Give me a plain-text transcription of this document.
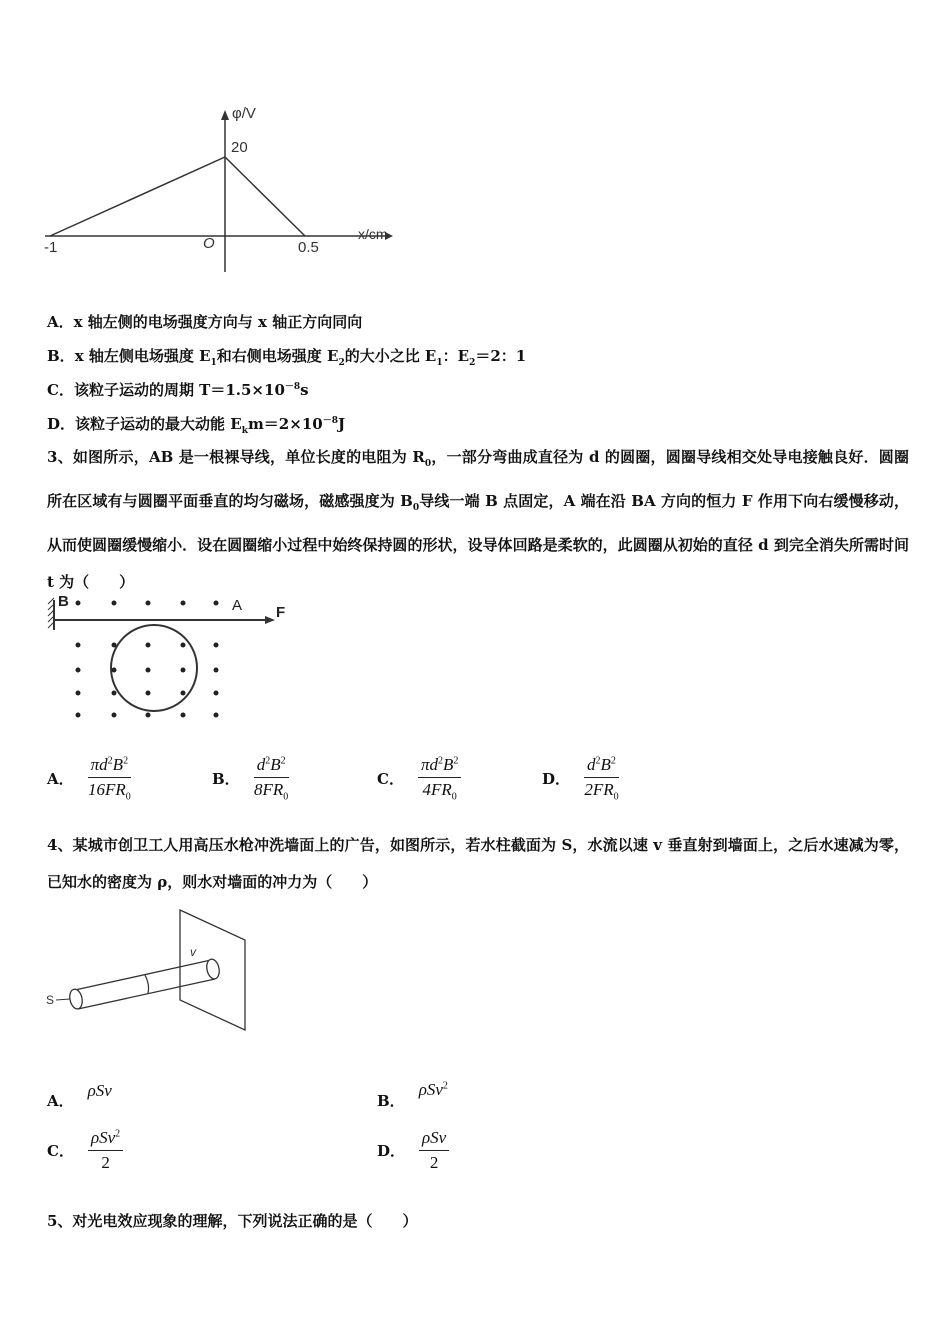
φ/V
20
x/cm
-1	O	0.5
A．x 轴左侧的电场强度方向与 x 轴正方向同向
B．x 轴左侧电场强度 $E_1$和右侧电场强度 $E_2$的大小之比 $E_1$：$E_2=2$：1
C．该粒子运动的周期 $T=1.5\times 10^{-8}s$
D．该粒子运动的最大动能 $E_km=2\times 10^{-8}J$
3、如图所示，AB 是一根裸导线，单位长度的电阻为 $R_0$，一部分弯曲成直径为 d 的圆圈，圆圈导线相交处导电接触良好．圆圈所在区域有与圆圈平面垂直的均匀磁场，磁感强度为 $B_0$导线一端 B 点固定，A 端在沿 BA 方向的恒力 F 作用下向右缓慢移动，从而使圆圈缓慢缩小．设在圆圈缩小过程中始终保持圆的形状，设导体回路是柔软的，此圆圈从初始的直径 d 到完全消失所需时间 t 为（　　）
B	A F
A． $\frac{\pi d^2B^2}{16FR_0}$	B． $\frac{d^2B^2}{8FR_0}$	C． $\frac{\pi d^2B^2}{4FR_0}$	D． $\frac{d^2B^2}{2FR_0}$
4、某城市创卫工人用高压水枪冲洗墙面上的广告，如图所示，若水柱截面为 S，水流以速 v 垂直射到墙面上，之后水速减为零，已知水的密度为 ρ，则水对墙面的冲力为（　　）
S
v
A．
ρSv
B．
ρSv$^2$
C． $\frac{\rho Sv^2}{2}$	D． $\frac{\text{ρSv}}{2}$
5、对光电效应现象的理解，下列说法正确的是（　　）
